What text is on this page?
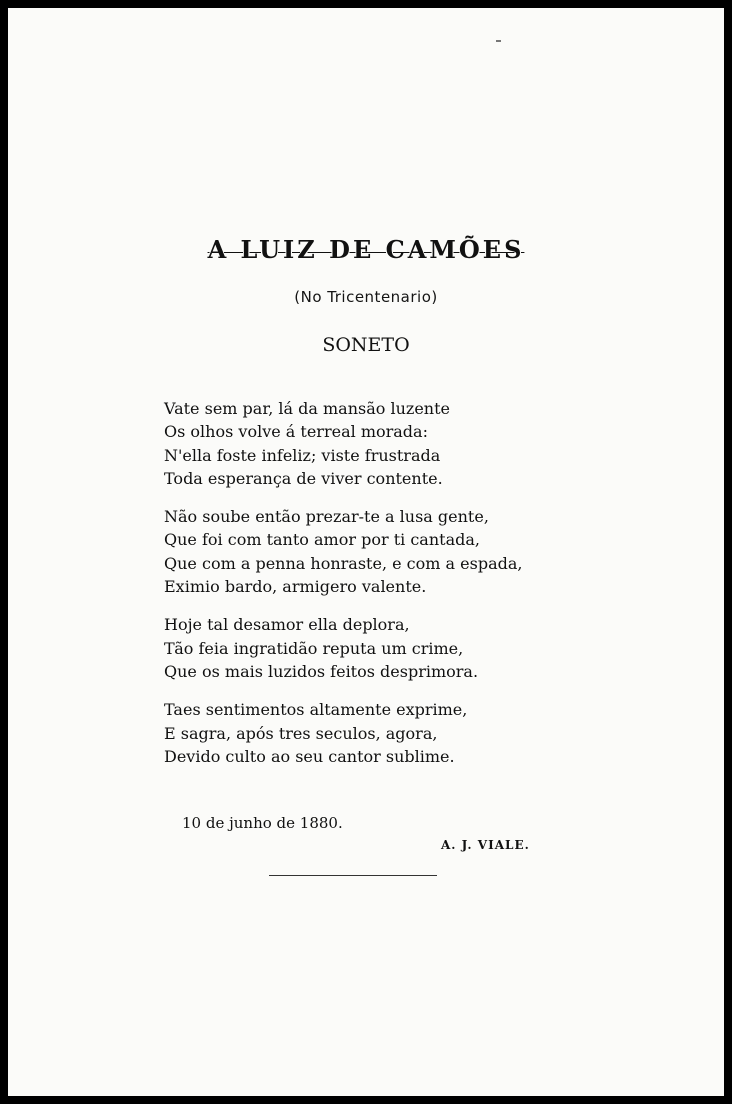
A LUIZ DE CAMÕES
(No Tricentenario)
SONETO
Vate sem par, lá da mansão luzente
Os olhos volve á terreal morada:
N'ella foste infeliz; viste frustrada
Toda esperança de viver contente.
Não soube então prezar-te a lusa gente,
Que foi com tanto amor por ti cantada,
Que com a penna honraste, e com a espada,
Eximio bardo, armigero valente.
Hoje tal desamor ella deplora,
Tão feia ingratidão reputa um crime,
Que os mais luzidos feitos desprimora.
Taes sentimentos altamente exprime,
E sagra, após tres seculos, agora,
Devido culto ao seu cantor sublime.
10 de junho de 1880.
A. J. VIALE.
